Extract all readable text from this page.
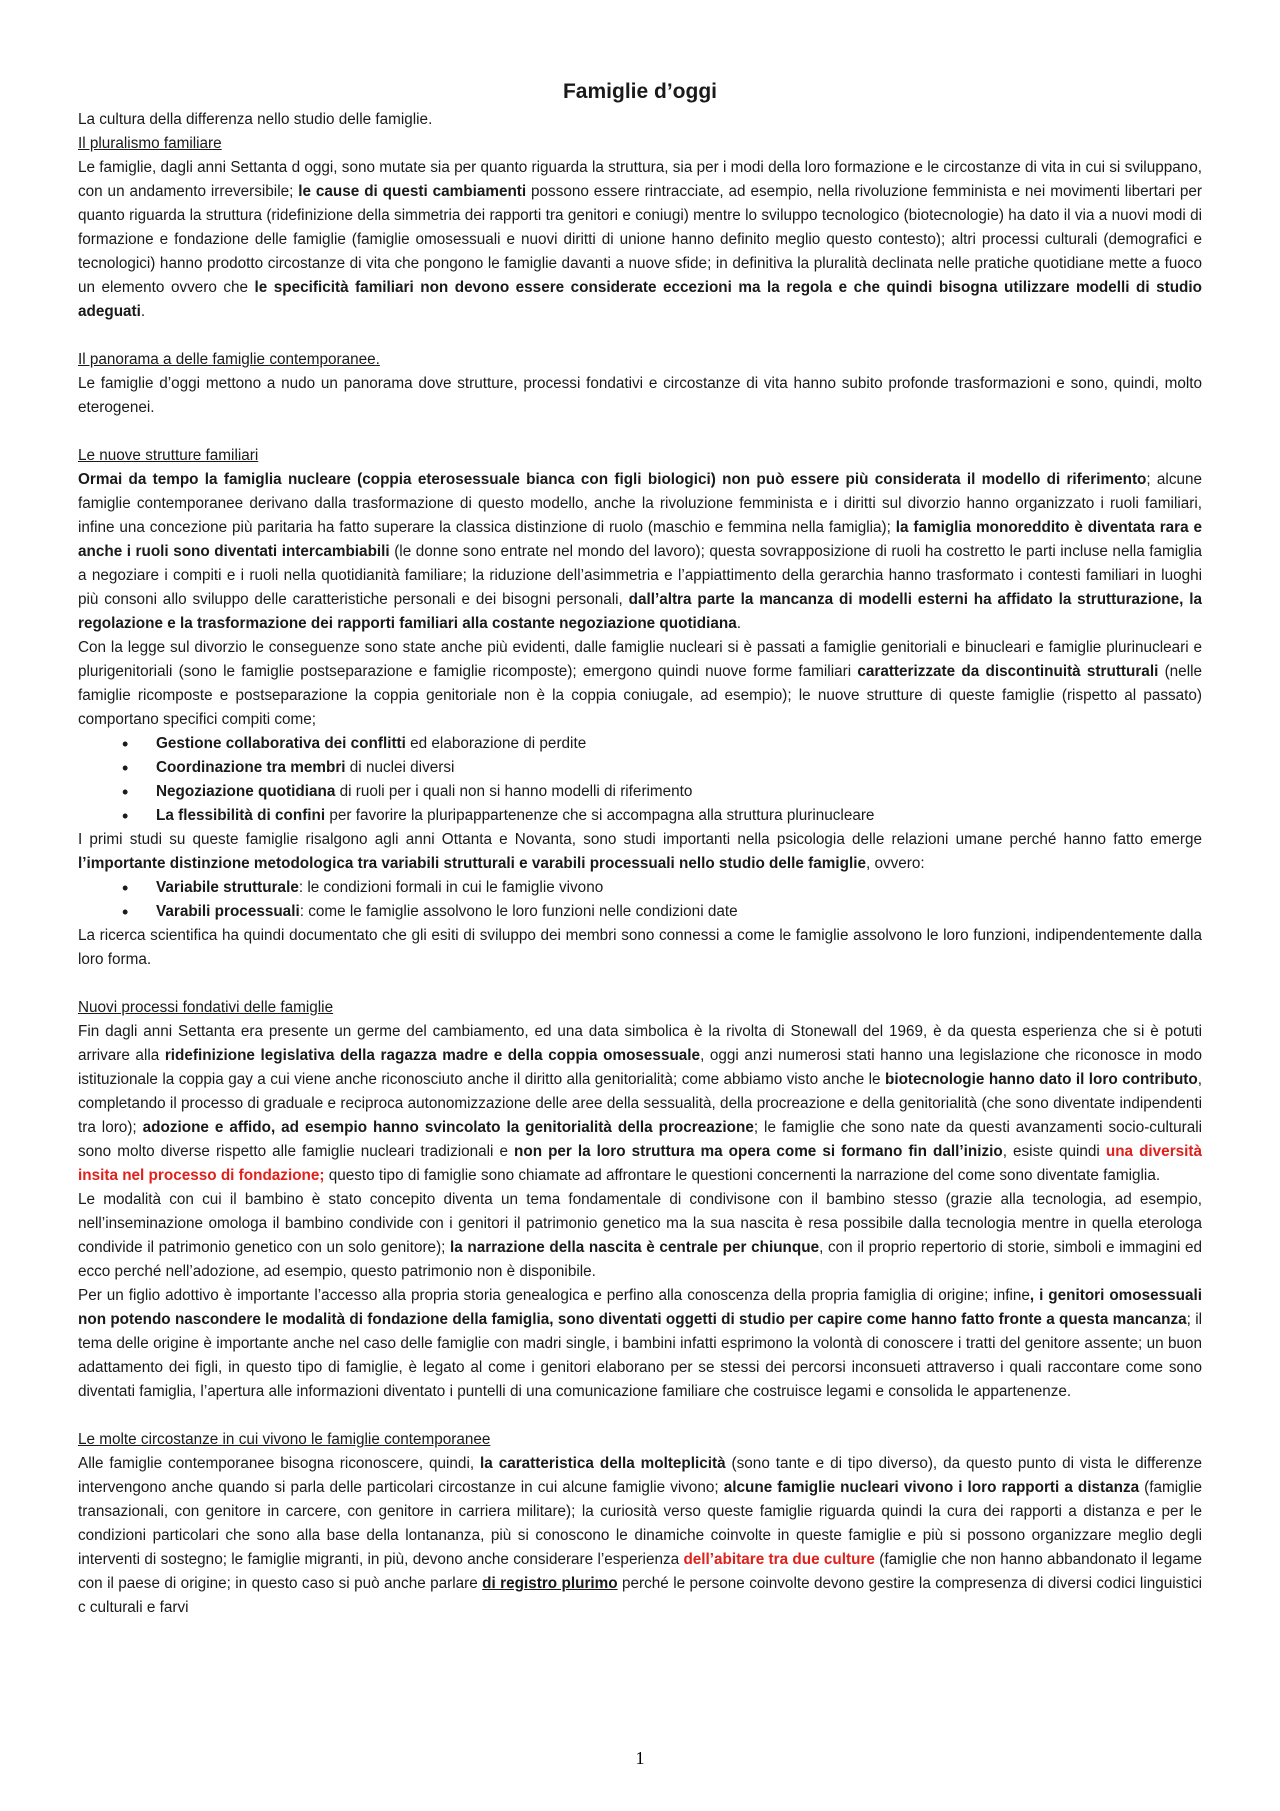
Famiglie d’oggi

La cultura della differenza nello studio delle famiglie.

Il pluralismo familiare

Le famiglie, dagli anni Settanta d oggi, sono mutate sia per quanto riguarda la struttura, sia per i modi della loro formazione e le circostanze di vita in cui si sviluppano, con un andamento irreversibile; le cause di questi cambiamenti possono essere rintracciate, ad esempio, nella rivoluzione femminista e nei movimenti libertari per quanto riguarda la struttura (ridefinizione della simmetria dei rapporti tra genitori e coniugi) mentre lo sviluppo tecnologico (biotecnologie) ha dato il via a nuovi modi di formazione e fondazione delle famiglie (famiglie omosessuali e nuovi diritti di unione hanno definito meglio questo contesto); altri processi culturali (demografici e tecnologici) hanno prodotto circostanze di vita che pongono le famiglie davanti a nuove sfide; in definitiva la pluralità declinata nelle pratiche quotidiane mette a fuoco un elemento ovvero che le specificità familiari non devono essere considerate eccezioni ma la regola e che quindi bisogna utilizzare modelli di studio adeguati.

Il panorama a delle famiglie contemporanee.

Le famiglie d’oggi mettono a nudo un panorama dove strutture, processi fondativi e circostanze di vita hanno subito profonde trasformazioni e sono, quindi, molto eterogenei.

Le nuove strutture familiari

Ormai da tempo la famiglia nucleare (coppia eterosessuale bianca con figli biologici) non può essere più considerata il modello di riferimento; alcune famiglie contemporanee derivano dalla trasformazione di questo modello, anche la rivoluzione femminista e i diritti sul divorzio hanno organizzato i ruoli familiari, infine una concezione più paritaria ha fatto superare la classica distinzione di ruolo (maschio e femmina nella famiglia); la famiglia monoreddito è diventata rara e anche i ruoli sono diventati intercambiabili (le donne sono entrate nel mondo del lavoro); questa sovrapposizione di ruoli ha costretto le parti incluse nella famiglia a negoziare i compiti e i ruoli nella quotidianità familiare; la riduzione dell’asimmetria e l’appiattimento della gerarchia hanno trasformato i contesti familiari in luoghi più consoni allo sviluppo delle caratteristiche personali e dei bisogni personali, dall’altra parte la mancanza di modelli esterni ha affidato la strutturazione, la regolazione e la trasformazione dei rapporti familiari alla costante negoziazione quotidiana.

Con la legge sul divorzio le conseguenze sono state anche più evidenti, dalle famiglie nucleari si è passati a famiglie genitoriali e binucleari e famiglie plurinucleari e plurigenitoriali (sono le famiglie postseparazione e famiglie ricomposte); emergono quindi nuove forme familiari caratterizzate da discontinuità strutturali (nelle famiglie ricomposte e postseparazione la coppia genitoriale non è la coppia coniugale, ad esempio); le nuove strutture di queste famiglie (rispetto al passato) comportano specifici compiti come;

• Gestione collaborativa dei conflitti ed elaborazione di perdite
• Coordinazione tra membri di nuclei diversi
• Negoziazione quotidiana di ruoli per i quali non si hanno modelli di riferimento
• La flessibilità di confini per favorire la pluripappartenenze che si accompagna alla struttura plurinucleare

I primi studi su queste famiglie risalgono agli anni Ottanta e Novanta, sono studi importanti nella psicologia delle relazioni umane perché hanno fatto emerge l’importante distinzione metodologica tra variabili strutturali e varabili processuali nello studio delle famiglie, ovvero:

• Variabile strutturale: le condizioni formali in cui le famiglie vivono
• Varabili processuali: come le famiglie assolvono le loro funzioni nelle condizioni date

La ricerca scientifica ha quindi documentato che gli esiti di sviluppo dei membri sono connessi a come le famiglie assolvono le loro funzioni, indipendentemente dalla loro forma.

Nuovi processi fondativi delle famiglie

Fin dagli anni Settanta era presente un germe del cambiamento, ed una data simbolica è la rivolta di Stonewall del 1969, è da questa esperienza che si è potuti arrivare alla ridefinizione legislativa della ragazza madre e della coppia omosessuale, oggi anzi numerosi stati hanno una legislazione che riconosce in modo istituzionale la coppia gay a cui viene anche riconosciuto anche il diritto alla genitorialità; come abbiamo visto anche le biotecnologie hanno dato il loro contributo, completando il processo di graduale e reciproca autonomizzazione delle aree della sessualità, della procreazione e della genitorialità (che sono diventate indipendenti tra loro); adozione e affido, ad esempio hanno svincolato la genitorialità della procreazione; le famiglie che sono nate da questi avanzamenti socio-culturali sono molto diverse rispetto alle famiglie nucleari tradizionali e non per la loro struttura ma opera come si formano fin dall’inizio, esiste quindi una diversità insita nel processo di fondazione; questo tipo di famiglie sono chiamate ad affrontare le questioni concernenti la narrazione del come sono diventate famiglia.

Le modalità con cui il bambino è stato concepito diventa un tema fondamentale di condivisone con il bambino stesso (grazie alla tecnologia, ad esempio, nell’inseminazione omologa il bambino condivide con i genitori il patrimonio genetico ma la sua nascita è resa possibile dalla tecnologia mentre in quella eterologa condivide il patrimonio genetico con un solo genitore); la narrazione della nascita è centrale per chiunque, con il proprio repertorio di storie, simboli e immagini ed ecco perché nell’adozione, ad esempio, questo patrimonio non è disponibile.

Per un figlio adottivo è importante l’accesso alla propria storia genealogica e perfino alla conoscenza della propria famiglia di origine; infine, i genitori omosessuali non potendo nascondere le modalità di fondazione della famiglia, sono diventati oggetti di studio per capire come hanno fatto fronte a questa mancanza; il tema delle origine è importante anche nel caso delle famiglie con madri single, i bambini infatti esprimono la volontà di conoscere i tratti del genitore assente; un buon adattamento dei figli, in questo tipo di famiglie, è legato al come i genitori elaborano per se stessi dei percorsi inconsueti attraverso i quali raccontare come sono diventati famiglia, l’apertura alle informazioni diventato i puntelli di una comunicazione familiare che costruisce legami e consolida le appartenenze.

Le molte circostanze in cui vivono le famiglie contemporanee

Alle famiglie contemporanee bisogna riconoscere, quindi, la caratteristica della molteplicità (sono tante e di tipo diverso), da questo punto di vista le differenze intervengono anche quando si parla delle particolari circostanze in cui alcune famiglie vivono; alcune famiglie nucleari vivono i loro rapporti a distanza (famiglie transazionali, con genitore in carcere, con genitore in carriera militare); la curiosità verso queste famiglie riguarda quindi la cura dei rapporti a distanza e per le condizioni particolari che sono alla base della lontananza, più si conoscono le dinamiche coinvolte in queste famiglie e più si possono organizzare meglio degli interventi di sostegno; le famiglie migranti, in più, devono anche considerare l’esperienza dell’abitare tra due culture (famiglie che non hanno abbandonato il legame con il paese di origine; in questo caso si può anche parlare di registro plurimo perché le persone coinvolte devono gestire la compresenza di diversi codici linguistici c culturali e farvi

1
